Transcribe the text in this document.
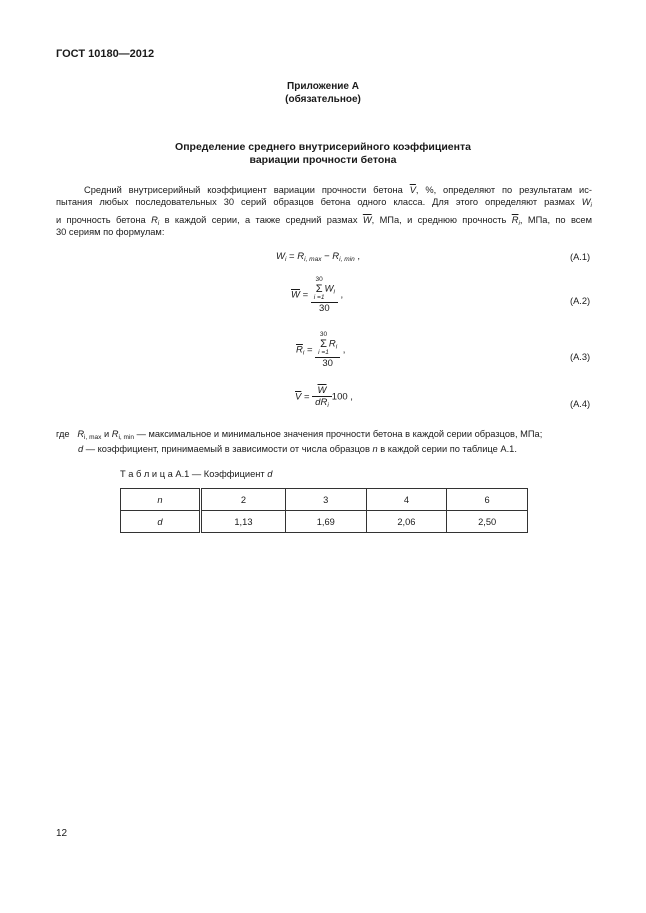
ГОСТ 10180—2012
Приложение А
(обязательное)
Определение среднего внутрисерийного коэффициента
вариации прочности бетона
Средний внутрисерийный коэффициент вариации прочности бетона $\overline{V}$, %, определяют по результатам ис-
пытания любых последовательных 30 серий образцов бетона одного класса. Для этого определяют размах $W_i$
и прочность бетона $R_i$ в каждой серии, а также средний размах $\overline{W}$, МПа, и среднюю прочность $\overline{R}_i$, МПа, по всем
30 сериям по формулам:
$W_i = R_{i, max} - R_{i, min}$ ,	(А.1)
$\overline{W} = 30$
Σ
i =1
$W_i$
30 ,
(А.2)
$\overline{R}_i = 30$
Σ
i =1
$R_i$
30 ,
(А.3)
$\overline{V} = \frac{\overline{W}}{d\overline{R}_i} 100$ ,
(А.4)
где $R_{i, max}$ и $R_{i, min}$ — максимальное и минимальное значения прочности бетона в каждой серии образцов, МПа;
d — коэффициент, принимаемый в зависимости от числа образцов n в каждой серии по таблице А.1.
Т а б л и ц а А.1 — Коэффициент d
n	2	3	4	6
d	1,13	1,69	2,06	2,50
12
